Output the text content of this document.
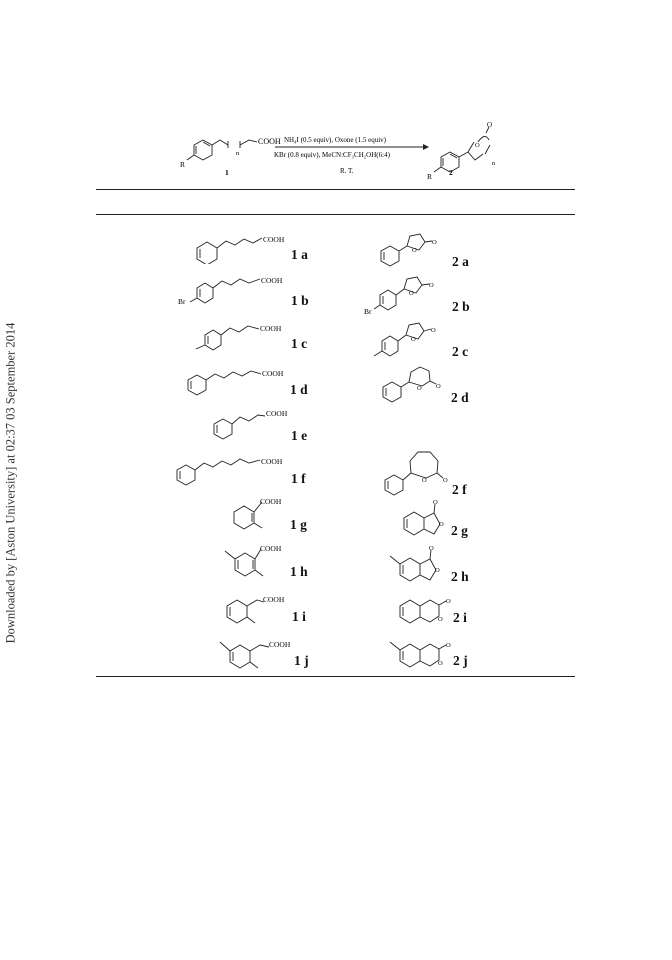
Downloaded by [Aston University] at 02:37 03 September 2014
COOH
n
R
NH₄I (0.5 equiv), Oxone (1.5 equiv)
KBr (0.8 equiv), MeCN:CF₃CH₂OH(6:4)
R. T.
1	2
O
O
n
R
COOH
1 a
COOH
Br	1 b
COOH
1 c
COOH
1 d
COOH
1 e
COOH
1 f
COOH
1 g
COOH
1 h
COOH
1 i
COOH
1 j
O
O
2 a
Br
O
O
2 b
O
O
2 c
O O
2 d
O	O
2 f
O
O 2 g
O
O 2 h
O
O 2 i
O
O 2 j
